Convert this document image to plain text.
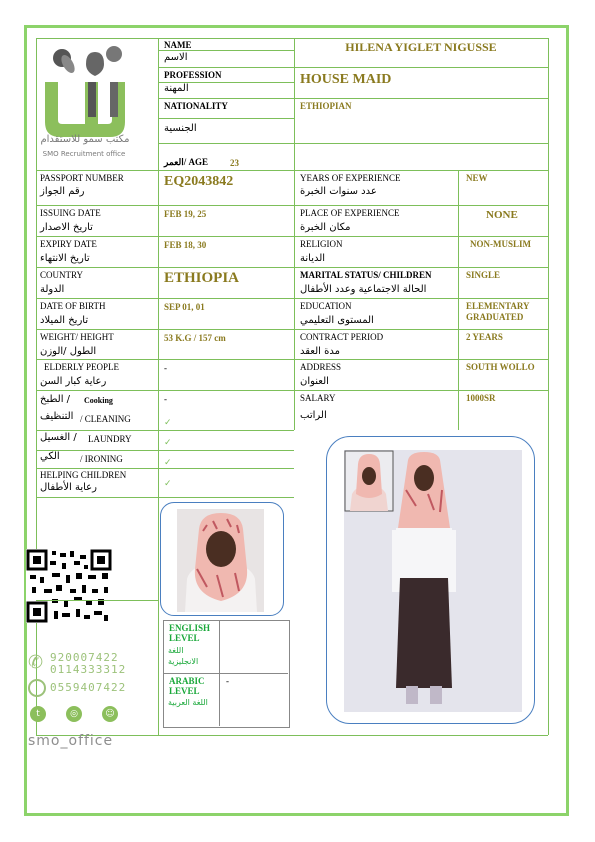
مكتب سمو للاستقدام
SMO Recruitment office
NAME
الاسم
HILENA YIGLET NIGUSSE
PROFESSION
المهنة
HOUSE MAID
NATIONALITY
الجنسية
ETHIOPIAN
AGE /العمر 23
PASSPORT NUMBER
رقم الجواز
EQ2043842
ISSUING DATE
تاريخ الاصدار
FEB 19, 25
EXPIRY DATE
تاريخ الانتهاء
FEB 18, 30
COUNTRY
الدولة
ETHIOPIA
DATE OF BIRTH
تاريخ الميلاد
SEP 01, 01
WEIGHT/ HEIGHT
الطول /الوزن
53 K.G / 157 cm
ELDERLY PEOPLE
رعاية كبار السن
-
/ الطبخ	Cooking	-
التنظيف / CLEANING	✓
/ الغسيل	LAUNDRY	✓
الكي	/ IRONING	✓
HELPING CHILDREN
رعاية الأطفال	✓
YEARS OF EXPERIENCE
عدد سنوات الخبرة
NEW
PLACE OF EXPERIENCE
مكان الخبرة
NONE
RELIGION
الديانة
NON-MUSLIM
MARITAL STATUS/ CHILDREN
الحالة الاجتماعية وعدد الأطفال
SINGLE
EDUCATION
المستوى التعليمي
ELEMENTARY GRADUATED
CONTRACT PERIOD
مدة العقد
2 YEARS
ADDRESS
العنوان
SOUTH WOLLO
SALARY
الراتب
1000SR
ENGLISH LEVEL
اللغة الانجليزية
ARABIC LEVEL
اللغة العربية
-
✆ 920007422
0114333312
0559407422
t	◎	☺
smo_office
